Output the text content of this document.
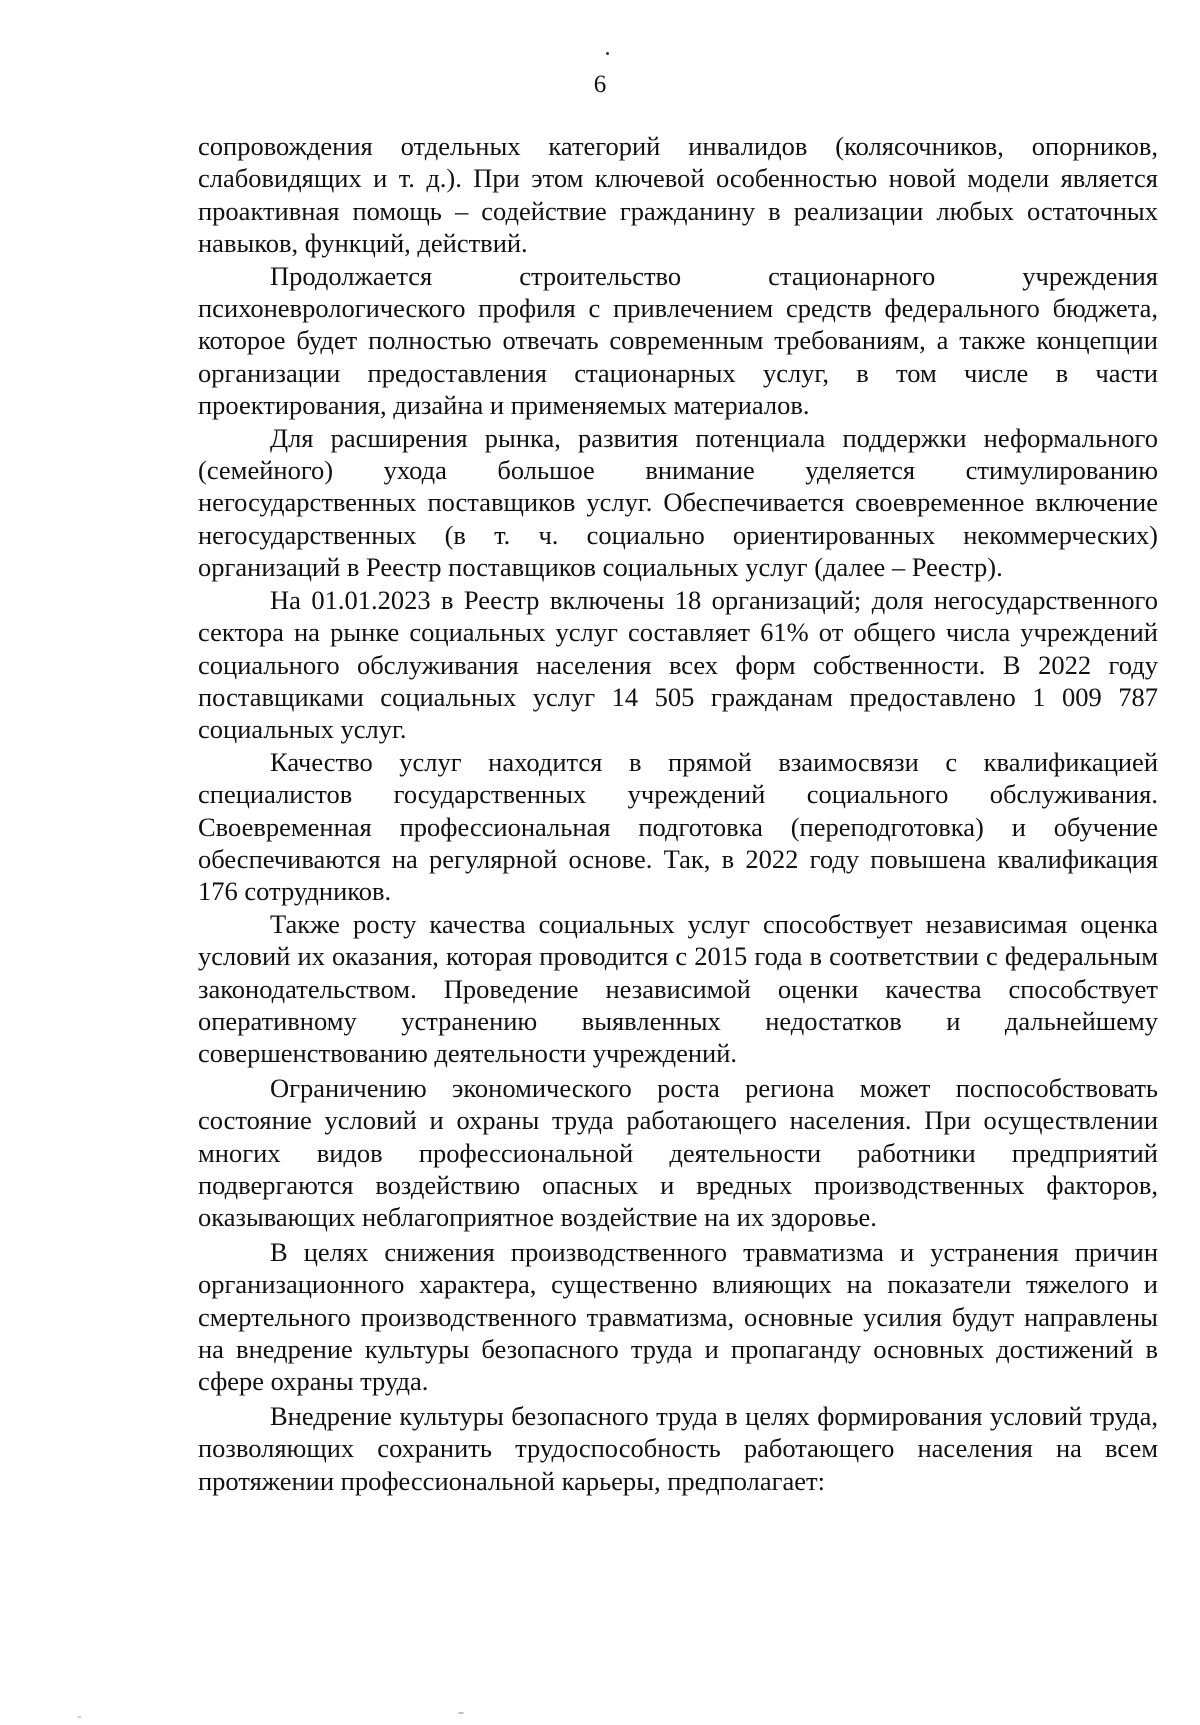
6

сопровождения отдельных категорий инвалидов (колясочников, опорников, слабовидящих и т. д.). При этом ключевой особенностью новой модели является проактивная помощь – содействие гражданину в реализации любых остаточных навыков, функций, действий.

Продолжается строительство стационарного учреждения психоневрологического профиля с привлечением средств федерального бюджета, которое будет полностью отвечать современным требованиям, а также концепции организации предоставления стационарных услуг, в том числе в части проектирования, дизайна и применяемых материалов.

Для расширения рынка, развития потенциала поддержки неформального (семейного) ухода большое внимание уделяется стимулированию негосударственных поставщиков услуг. Обеспечивается своевременное включение негосударственных (в т. ч. социально ориентированных некоммерческих) организаций в Реестр поставщиков социальных услуг (далее – Реестр).

На 01.01.2023 в Реестр включены 18 организаций; доля негосударственного сектора на рынке социальных услуг составляет 61% от общего числа учреждений социального обслуживания населения всех форм собственности. В 2022 году поставщиками социальных услуг 14 505 гражданам предоставлено 1 009 787 социальных услуг.

Качество услуг находится в прямой взаимосвязи с квалификацией специалистов государственных учреждений социального обслуживания. Своевременная профессиональная подготовка (переподготовка) и обучение обеспечиваются на регулярной основе. Так, в 2022 году повышена квалификация 176 сотрудников.

Также росту качества социальных услуг способствует независимая оценка условий их оказания, которая проводится с 2015 года в соответствии с федеральным законодательством. Проведение независимой оценки качества способствует оперативному устранению выявленных недостатков и дальнейшему совершенствованию деятельности учреждений.

Ограничению экономического роста региона может поспособствовать состояние условий и охраны труда работающего населения. При осуществлении многих видов профессиональной деятельности работники предприятий подвергаются воздействию опасных и вредных производственных факторов, оказывающих неблагоприятное воздействие на их здоровье.

В целях снижения производственного травматизма и устранения причин организационного характера, существенно влияющих на показатели тяжелого и смертельного производственного травматизма, основные усилия будут направлены на внедрение культуры безопасного труда и пропаганду основных достижений в сфере охраны труда.

Внедрение культуры безопасного труда в целях формирования условий труда, позволяющих сохранить трудоспособность работающего населения на всем протяжении профессиональной карьеры, предполагает:
